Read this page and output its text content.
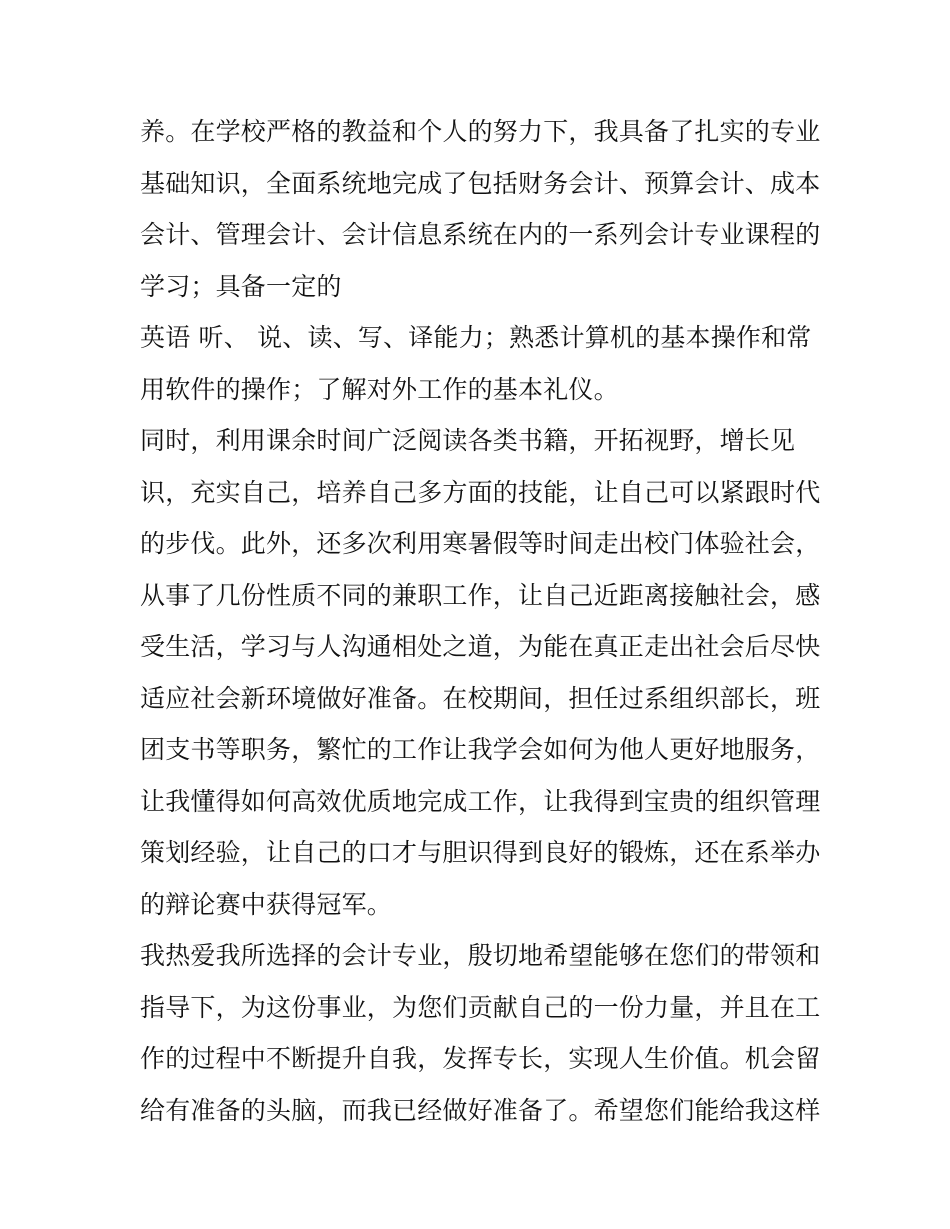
养。在学校严格的教益和个人的努力下，我具备了扎实的专业
基础知识，全面系统地完成了包括财务会计、预算会计、成本
会计、管理会计、会计信息系统在内的一系列会计专业课程的
学习；具备一定的
英语 听、 说、读、写、译能力；熟悉计算机的基本操作和常
用软件的操作；了解对外工作的基本礼仪。
同时，利用课余时间广泛阅读各类书籍，开拓视野，增长见
识，充实自己，培养自己多方面的技能，让自己可以紧跟时代
的步伐。此外，还多次利用寒暑假等时间走出校门体验社会，
从事了几份性质不同的兼职工作，让自己近距离接触社会，感
受生活，学习与人沟通相处之道，为能在真正走出社会后尽快
适应社会新环境做好准备。在校期间，担任过系组织部长，班
团支书等职务，繁忙的工作让我学会如何为他人更好地服务，
让我懂得如何高效优质地完成工作，让我得到宝贵的组织管理
策划经验，让自己的口才与胆识得到良好的锻炼，还在系举办
的辩论赛中获得冠军。
我热爱我所选择的会计专业，殷切地希望能够在您们的带领和
指导下，为这份事业，为您们贡献自己的一份力量，并且在工
作的过程中不断提升自我，发挥专长，实现人生价值。机会留
给有准备的头脑，而我已经做好准备了。希望您们能给我这样
